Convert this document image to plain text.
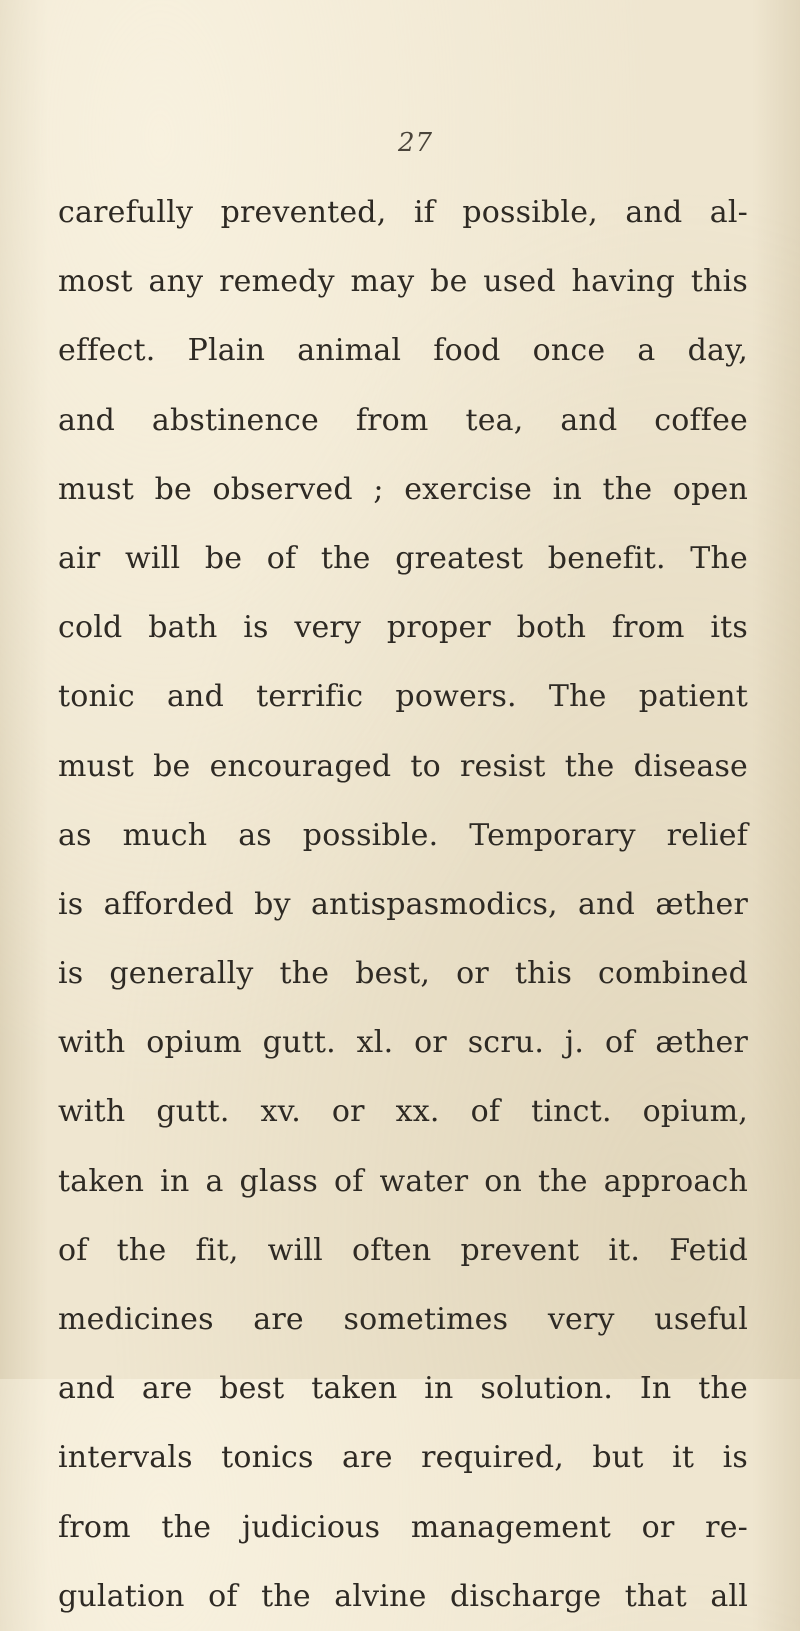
27
carefully prevented, if possible, and al-
most any remedy may be used having this
effect. Plain animal food once a day,
and abstinence from tea, and coffee
must be observed ; exercise in the open
air will be of the greatest benefit. The
cold bath is very proper both from its
tonic and terrific powers. The patient
must be encouraged to resist the disease
as much as possible. Temporary relief
is afforded by antispasmodics, and æther
is generally the best, or this combined
with opium gutt. xl. or scru. j. of æther
with gutt. xv. or xx. of tinct. opium,
taken in a glass of water on the approach
of the fit, will often prevent it. Fetid
medicines are sometimes very useful
and are best taken in solution. In the
intervals tonics are required, but it is
from the judicious management or re-
gulation of the alvine discharge that all
